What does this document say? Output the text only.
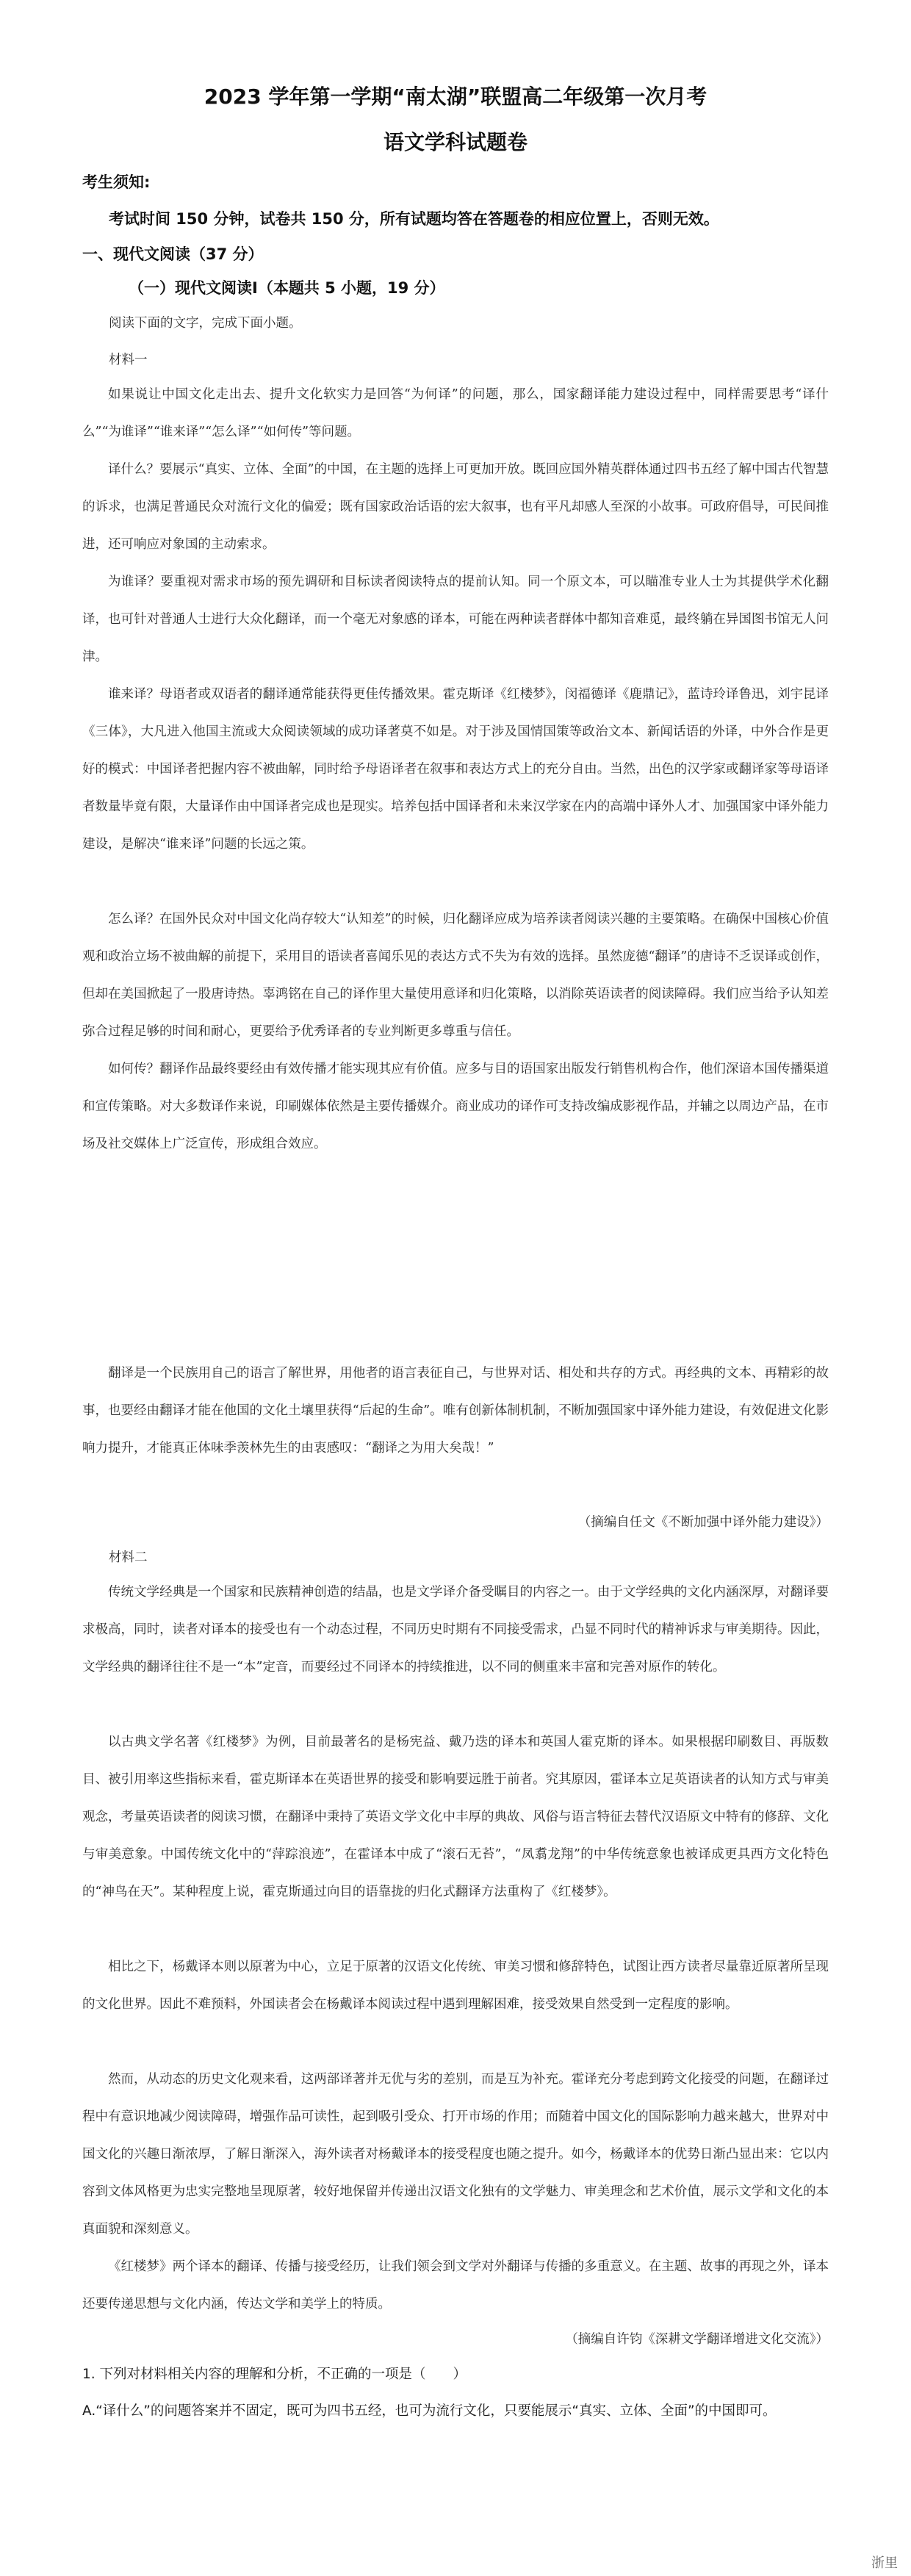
2023 学年第一学期“南太湖”联盟高二年级第一次月考
语文学科试题卷
考生须知:
考试时间 150 分钟，试卷共 150 分，所有试题均答在答题卷的相应位置上，否则无效。
一、现代文阅读（37 分）
（一）现代文阅读Ⅰ（本题共 5 小题，19 分）
阅读下面的文字，完成下面小题。
材料一

如果说让中国文化走出去、提升文化软实力是回答“为何译”的问题，那么，国家翻译能力建设过程中，同样需要思考“译什么”“为谁译”“谁来译”“怎么译”“如何传”等问题。

译什么？要展示“真实、立体、全面”的中国，在主题的选择上可更加开放。既回应国外精英群体通过四书五经了解中国古代智慧的诉求，也满足普通民众对流行文化的偏爱；既有国家政治话语的宏大叙事，也有平凡却感人至深的小故事。可政府倡导，可民间推进，还可响应对象国的主动索求。

为谁译？要重视对需求市场的预先调研和目标读者阅读特点的提前认知。同一个原文本，可以瞄准专业人士为其提供学术化翻译，也可针对普通人士进行大众化翻译，而一个毫无对象感的译本，可能在两种读者群体中都知音难觅，最终躺在异国图书馆无人问津。

谁来译？母语者或双语者的翻译通常能获得更佳传播效果。霍克斯译《红楼梦》，闵福德译《鹿鼎记》，蓝诗玲译鲁迅，刘宇昆译《三体》，大凡进入他国主流或大众阅读领域的成功译著莫不如是。对于涉及国情国策等政治文本、新闻话语的外译，中外合作是更好的模式：中国译者把握内容不被曲解，同时给予母语译者在叙事和表达方式上的充分自由。当然，出色的汉学家或翻译家等母语译者数量毕竟有限，大量译作由中国译者完成也是现实。培养包括中国译者和未来汉学家在内的高端中译外人才、加强国家中译外能力建设，是解决“谁来译”问题的长远之策。

怎么译？在国外民众对中国文化尚存较大“认知差”的时候，归化翻译应成为培养读者阅读兴趣的主要策略。在确保中国核心价值观和政治立场不被曲解的前提下，采用目的语读者喜闻乐见的表达方式不失为有效的选择。虽然庞德“翻译”的唐诗不乏误译或创作，但却在美国掀起了一股唐诗热。辜鸿铭在自己的译作里大量使用意译和归化策略，以消除英语读者的阅读障碍。我们应当给予认知差弥合过程足够的时间和耐心，更要给予优秀译者的专业判断更多尊重与信任。

如何传？翻译作品最终要经由有效传播才能实现其应有价值。应多与目的语国家出版发行销售机构合作，他们深谙本国传播渠道和宣传策略。对大多数译作来说，印刷媒体依然是主要传播媒介。商业成功的译作可支持改编成影视作品，并辅之以周边产品，在市场及社交媒体上广泛宣传，形成组合效应。

翻译是一个民族用自己的语言了解世界，用他者的语言表征自己，与世界对话、相处和共存的方式。再经典的文本、再精彩的故事，也要经由翻译才能在他国的文化土壤里获得“后起的生命”。唯有创新体制机制，不断加强国家中译外能力建设，有效促进文化影响力提升，才能真正体味季羡林先生的由衷感叹：“翻译之为用大矣哉！”

（摘编自任文《不断加强中译外能力建设》）
材料二

传统文学经典是一个国家和民族精神创造的结晶，也是文学译介备受瞩目的内容之一。由于文学经典的文化内涵深厚，对翻译要求极高，同时，读者对译本的接受也有一个动态过程，不同历史时期有不同接受需求，凸显不同时代的精神诉求与审美期待。因此，文学经典的翻译往往不是一“本”定音，而要经过不同译本的持续推进，以不同的侧重来丰富和完善对原作的转化。

以古典文学名著《红楼梦》为例，目前最著名的是杨宪益、戴乃迭的译本和英国人霍克斯的译本。如果根据印刷数目、再版数目、被引用率这些指标来看，霍克斯译本在英语世界的接受和影响要远胜于前者。究其原因，霍译本立足英语读者的认知方式与审美观念，考量英语读者的阅读习惯，在翻译中秉持了英语文学文化中丰厚的典故、风俗与语言特征去替代汉语原文中特有的修辞、文化与审美意象。中国传统文化中的“萍踪浪迹”，在霍译本中成了“滚石无苔”，“凤翥龙翔”的中华传统意象也被译成更具西方文化特色的“神鸟在天”。某种程度上说，霍克斯通过向目的语靠拢的归化式翻译方法重构了《红楼梦》。

相比之下，杨戴译本则以原著为中心，立足于原著的汉语文化传统、审美习惯和修辞特色，试图让西方读者尽量靠近原著所呈现的文化世界。因此不难预料，外国读者会在杨戴译本阅读过程中遇到理解困难，接受效果自然受到一定程度的影响。

然而，从动态的历史文化观来看，这两部译著并无优与劣的差别，而是互为补充。霍译充分考虑到跨文化接受的问题，在翻译过程中有意识地减少阅读障碍，增强作品可读性，起到吸引受众、打开市场的作用；而随着中国文化的国际影响力越来越大，世界对中国文化的兴趣日渐浓厚，了解日渐深入，海外读者对杨戴译本的接受程度也随之提升。如今，杨戴译本的优势日渐凸显出来：它以内容到文体风格更为忠实完整地呈现原著，较好地保留并传递出汉语文化独有的文学魅力、审美理念和艺术价值，展示文学和文化的本真面貌和深刻意义。

《红楼梦》两个译本的翻译、传播与接受经历，让我们领会到文学对外翻译与传播的多重意义。在主题、故事的再现之外，译本还要传递思想与文化内涵，传达文学和美学上的特质。

（摘编自许钧《深耕文学翻译增进文化交流》）

1. 下列对材料相关内容的理解和分析，不正确的一项是（　　）

A.“译什么”的问题答案并不固定，既可为四书五经，也可为流行文化，只要能展示“真实、立体、全面”的中国即可。

浙里
